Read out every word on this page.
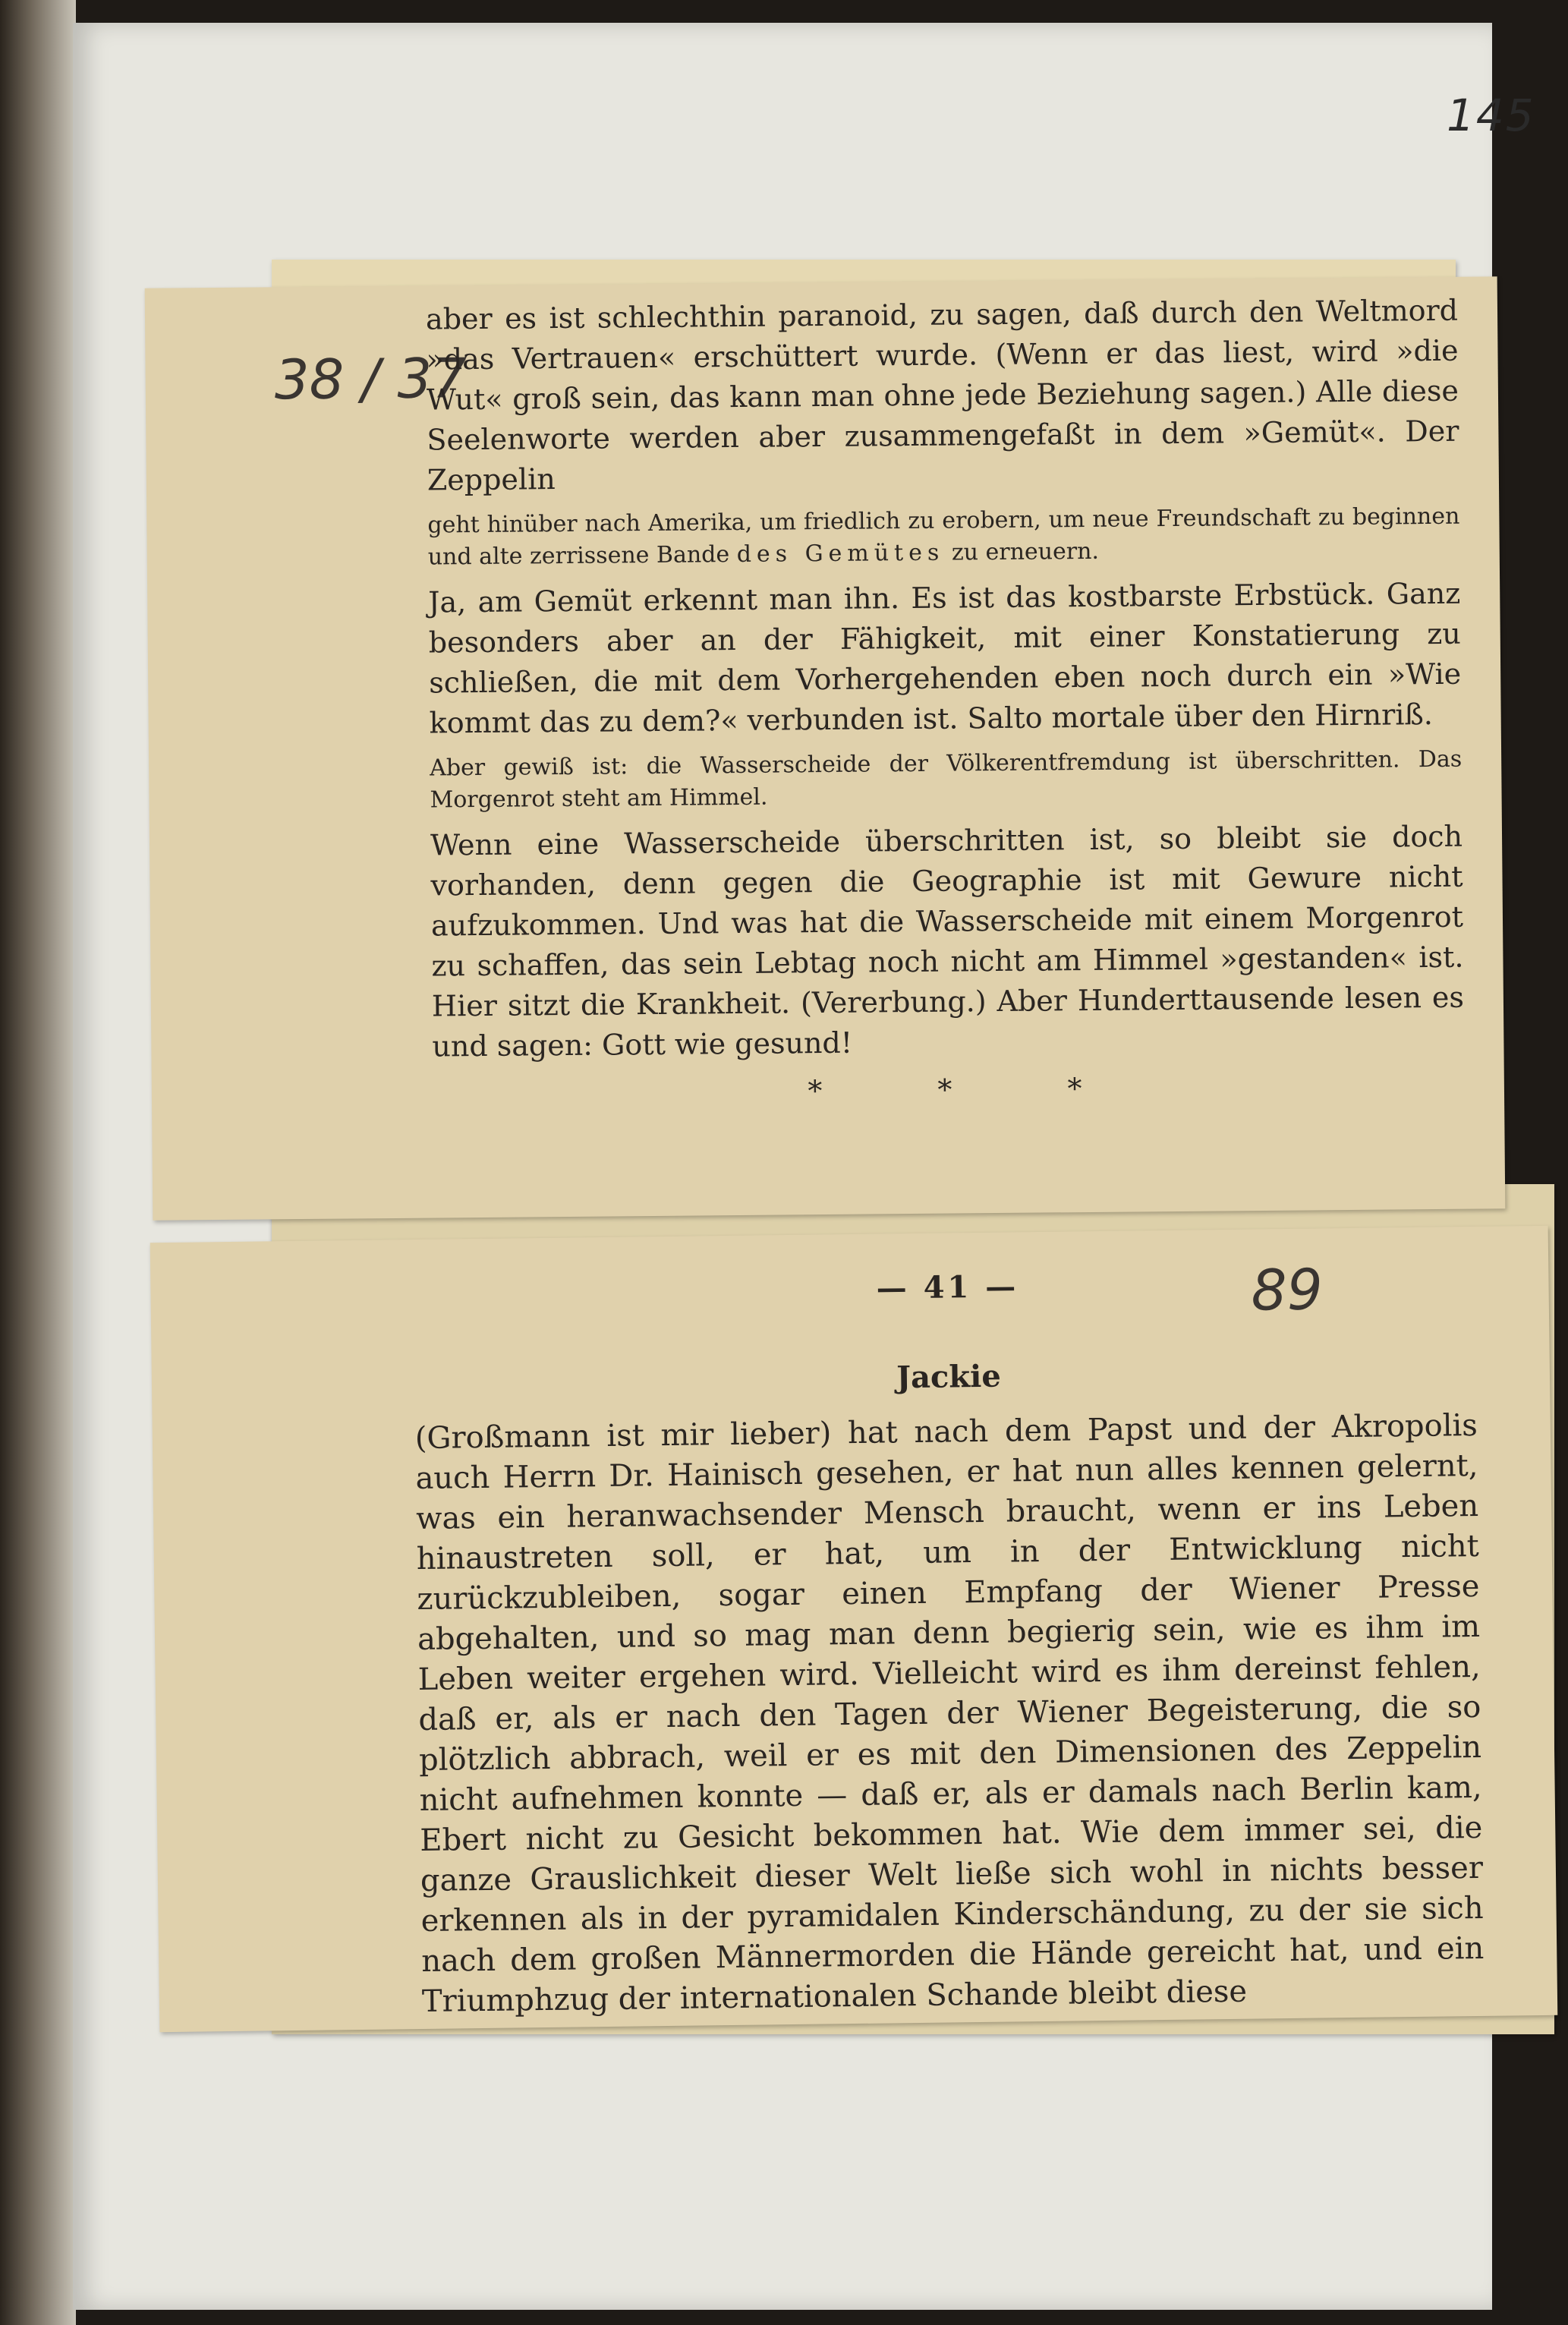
145
38 / 37

aber es ist schlechthin paranoid, zu sagen, daß durch den Weltmord »das Vertrauen« erschüttert wurde. (Wenn er das liest, wird »die Wut« groß sein, das kann man ohne jede Beziehung sagen.) Alle diese Seelenworte werden aber zusammengefaßt in dem »Gemüt«. Der Zeppelin

geht hinüber nach Amerika, um friedlich zu erobern, um neue Freundschaft zu beginnen und alte zerrissene Bande des Gemütes zu erneuern.

Ja, am Gemüt erkennt man ihn. Es ist das kostbarste Erbstück. Ganz besonders aber an der Fähigkeit, mit einer Konstatierung zu schließen, die mit dem Vorhergehenden eben noch durch ein »Wie kommt das zu dem?« verbunden ist. Salto mortale über den Hirnriß.

Aber gewiß ist: die Wasserscheide der Völkerentfremdung ist überschritten. Das Morgenrot steht am Himmel.

Wenn eine Wasserscheide überschritten ist, so bleibt sie doch vorhanden, denn gegen die Geographie ist mit Gewure nicht aufzukommen. Und was hat die Wasserscheide mit einem Morgenrot zu schaffen, das sein Lebtag noch nicht am Himmel »gestanden« ist. Hier sitzt die Krankheit. (Vererbung.) Aber Hunderttausende lesen es und sagen: Gott wie gesund!

* * *
— 41 —	89
Jackie

(Großmann ist mir lieber) hat nach dem Papst und der Akropolis auch Herrn Dr. Hainisch gesehen, er hat nun alles kennen gelernt, was ein heranwachsender Mensch braucht, wenn er ins Leben hinaustreten soll, er hat, um in der Entwicklung nicht zurückzubleiben, sogar einen Empfang der Wiener Presse abgehalten, und so mag man denn begierig sein, wie es ihm im Leben weiter ergehen wird. Vielleicht wird es ihm dereinst fehlen, daß er, als er nach den Tagen der Wiener Begeisterung, die so plötzlich abbrach, weil er es mit den Dimensionen des Zeppelin nicht aufnehmen konnte — daß er, als er damals nach Berlin kam, Ebert nicht zu Gesicht bekommen hat. Wie dem immer sei, die ganze Grauslichkeit dieser Welt ließe sich wohl in nichts besser erkennen als in der pyramidalen Kinderschändung, zu der sie sich nach dem großen Männermorden die Hände gereicht hat, und ein Triumphzug der internationalen Schande bleibt diese
